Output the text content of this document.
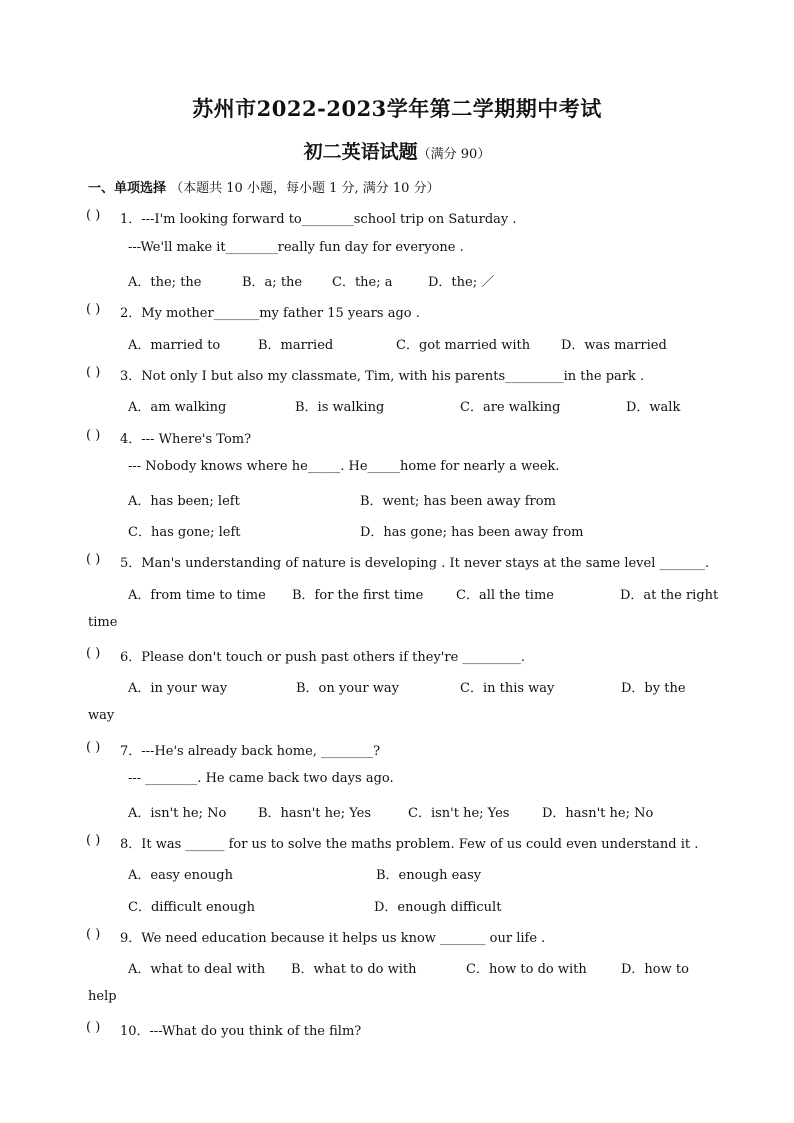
苏州市2022-2023学年第二学期期中考试
初二英语试题（满分 90）
一、单项选择 （本题共 10 小题，每小题 1 分, 满分 10 分）
( ) 1．---I'm looking forward to________school trip on Saturday .
---We'll make it________really fun day for everyone .
A．the; the	B．a; the C．the; a	D．the; ／
( ) 2．My mother_______my father 15 years ago .
A．married to	B．married	C．got married with D．was married
( ) 3．Not only I but also my classmate, Tim, with his parents_________in the park .
A．am walking	B．is walking	C．are walking	D．walk
( ) 4．--- Where's Tom?
--- Nobody knows where he_____. He_____home for nearly a week.
A．has been; left	B．went; has been away from
C．has gone; left	D．has gone; has been away from
( ) 5．Man's understanding of nature is developing . It never stays at the same level _______.
A．from time to time B．for the first time	C．all the time	D．at the right
time
( ) 6．Please don't touch or push past others if they're _________.
A．in your way	B．on your way	C．in this way	D．by the
way
( ) 7．---He's already back home, ________?
--- ________. He came back two days ago.
A．isn't he; No B．hasn't he; Yes	C．isn't he; Yes	D．hasn't he; No
( ) 8．It was ______ for us to solve the maths problem. Few of us could even understand it .
A．easy enough	B．enough easy
C．difficult enough	D．enough difficult
( ) 9．We need education because it helps us know _______ our life .
A．what to deal with B．what to do with	C．how to do with	D．how to
help
( ) 10．---What do you think of the film?
